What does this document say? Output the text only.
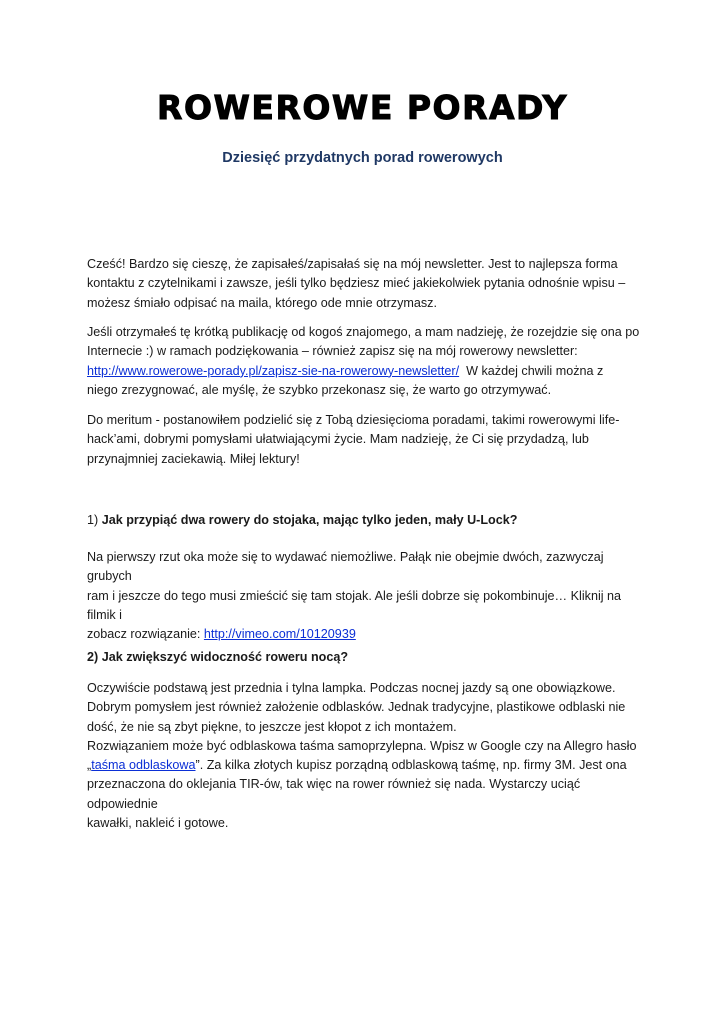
ROWEROWE PORADY
Dziesięć przydatnych porad rowerowych
Cześć! Bardzo się cieszę, że zapisałeś/zapisałaś się na mój newsletter. Jest to najlepsza forma
kontaktu z czytelnikami i zawsze, jeśli tylko będziesz mieć jakiekolwiek pytania odnośnie wpisu –
możesz śmiało odpisać na maila, którego ode mnie otrzymasz.
Jeśli otrzymałeś tę krótką publikację od kogoś znajomego, a mam nadzieję, że rozejdzie się ona po
Internecie :) w ramach podziękowania – również zapisz się na mój rowerowy newsletter:
http://www.rowerowe-porady.pl/zapisz-sie-na-rowerowy-newsletter/  W każdej chwili można z
niego zrezygnować, ale myślę, że szybko przekonasz się, że warto go otrzymywać.
Do meritum - postanowiłem podzielić się z Tobą dziesięcioma poradami, takimi rowerowymi life-
hack’ami, dobrymi pomysłami ułatwiającymi życie. Mam nadzieję, że Ci się przydadzą, lub
przynajmniej zaciekawią. Miłej lektury!
1) Jak przypiąć dwa rowery do stojaka, mając tylko jeden, mały U-Lock?
Na pierwszy rzut oka może się to wydawać niemożliwe. Pałąk nie obejmie dwóch, zazwyczaj grubych
ram i jeszcze do tego musi zmieścić się tam stojak. Ale jeśli dobrze się pokombinuje… Kliknij na filmik i
zobacz rozwiązanie: http://vimeo.com/10120939
2) Jak zwiększyć widoczność roweru nocą?
Oczywiście podstawą jest przednia i tylna lampka. Podczas nocnej jazdy są one obowiązkowe.
Dobrym pomysłem jest również założenie odblasków. Jednak tradycyjne, plastikowe odblaski nie
dość, że nie są zbyt piękne, to jeszcze jest kłopot z ich montażem.
Rozwiązaniem może być odblaskowa taśma samoprzylepna. Wpisz w Google czy na Allegro hasło
„taśma odblaskowa”. Za kilka złotych kupisz porządną odblaskową taśmę, np. firmy 3M. Jest ona
przeznaczona do oklejania TIR-ów, tak więc na rower również się nada. Wystarczy uciąć odpowiednie
kawałki, nakleić i gotowe.
